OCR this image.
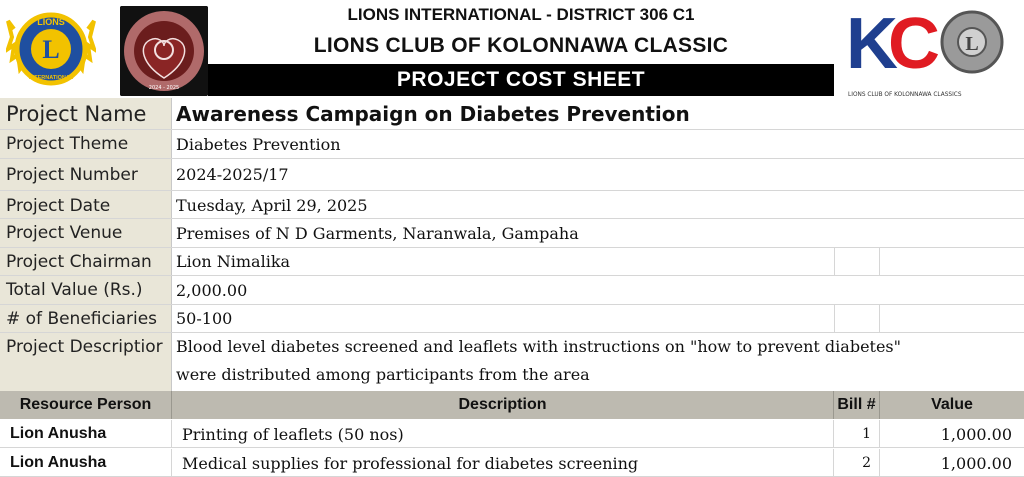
L
LIONS
INTERNATIONAL
2024 - 2025
LIONS INTERNATIONAL - DISTRICT 306 C1
LIONS CLUB OF KOLONNAWA CLASSIC
PROJECT COST SHEET	K
C L
LIONS CLUB OF KOLONNAWA CLASSICS
Project Name	Awareness Campaign on Diabetes Prevention
Project Theme	Diabetes Prevention
Project Number	2024-2025/17
Project Date	Tuesday, April 29, 2025
Project Venue	Premises of N D Garments, Naranwala, Gampaha
Project Chairman	Lion Nimalika
Total Value (Rs.)	2,000.00
# of Beneficiaries	50-100
Project Descriptior Blood level diabetes screened and leaflets with instructions on "how to prevent diabetes"
were distributed among participants from the area
Resource Person	Description	Bill #	Value
Lion Anusha	Printing of leaflets (50 nos)	1	1,000.00
Lion Anusha	Medical supplies for professional for diabetes screening	2	1,000.00
